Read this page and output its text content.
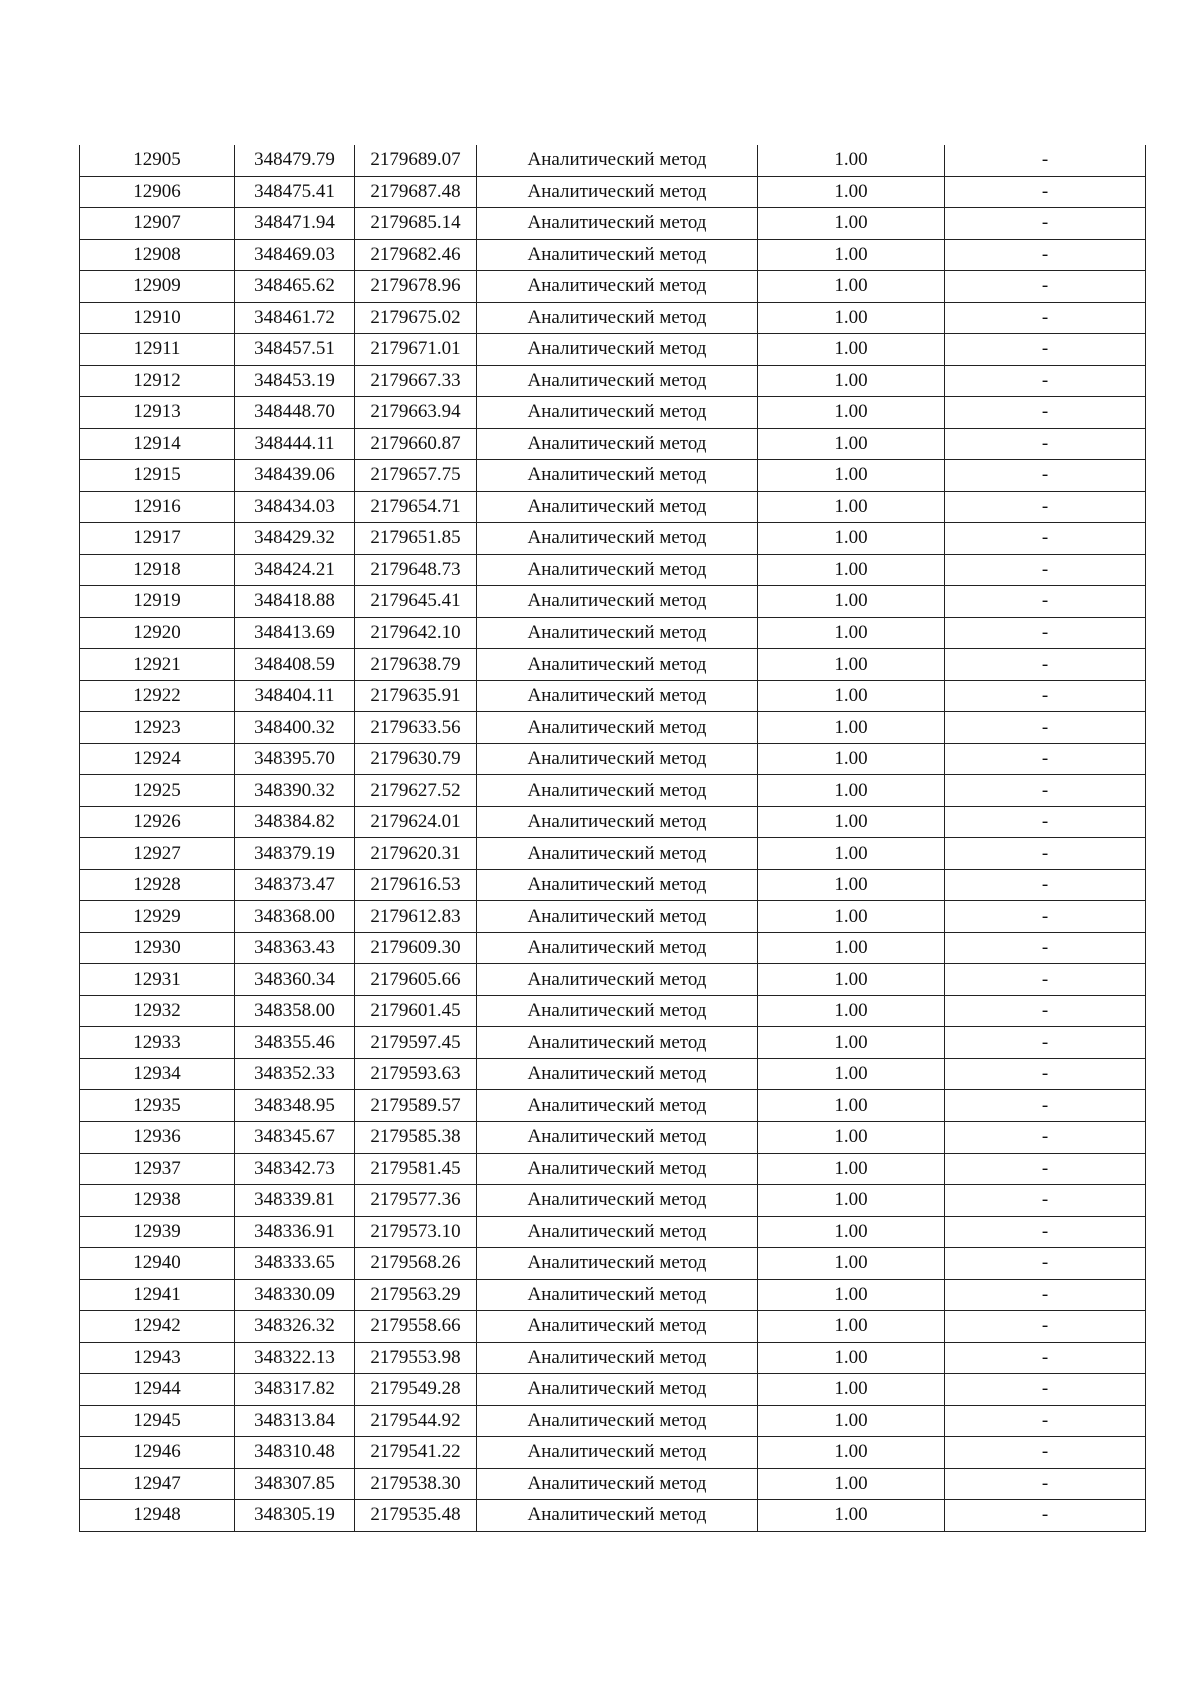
12905	348479.79	2179689.07	Аналитический метод	1.00	-
12906	348475.41	2179687.48	Аналитический метод	1.00	-
12907	348471.94	2179685.14	Аналитический метод	1.00	-
12908	348469.03	2179682.46	Аналитический метод	1.00	-
12909	348465.62	2179678.96	Аналитический метод	1.00	-
12910	348461.72	2179675.02	Аналитический метод	1.00	-
12911	348457.51	2179671.01	Аналитический метод	1.00	-
12912	348453.19	2179667.33	Аналитический метод	1.00	-
12913	348448.70	2179663.94	Аналитический метод	1.00	-
12914	348444.11	2179660.87	Аналитический метод	1.00	-
12915	348439.06	2179657.75	Аналитический метод	1.00	-
12916	348434.03	2179654.71	Аналитический метод	1.00	-
12917	348429.32	2179651.85	Аналитический метод	1.00	-
12918	348424.21	2179648.73	Аналитический метод	1.00	-
12919	348418.88	2179645.41	Аналитический метод	1.00	-
12920	348413.69	2179642.10	Аналитический метод	1.00	-
12921	348408.59	2179638.79	Аналитический метод	1.00	-
12922	348404.11	2179635.91	Аналитический метод	1.00	-
12923	348400.32	2179633.56	Аналитический метод	1.00	-
12924	348395.70	2179630.79	Аналитический метод	1.00	-
12925	348390.32	2179627.52	Аналитический метод	1.00	-
12926	348384.82	2179624.01	Аналитический метод	1.00	-
12927	348379.19	2179620.31	Аналитический метод	1.00	-
12928	348373.47	2179616.53	Аналитический метод	1.00	-
12929	348368.00	2179612.83	Аналитический метод	1.00	-
12930	348363.43	2179609.30	Аналитический метод	1.00	-
12931	348360.34	2179605.66	Аналитический метод	1.00	-
12932	348358.00	2179601.45	Аналитический метод	1.00	-
12933	348355.46	2179597.45	Аналитический метод	1.00	-
12934	348352.33	2179593.63	Аналитический метод	1.00	-
12935	348348.95	2179589.57	Аналитический метод	1.00	-
12936	348345.67	2179585.38	Аналитический метод	1.00	-
12937	348342.73	2179581.45	Аналитический метод	1.00	-
12938	348339.81	2179577.36	Аналитический метод	1.00	-
12939	348336.91	2179573.10	Аналитический метод	1.00	-
12940	348333.65	2179568.26	Аналитический метод	1.00	-
12941	348330.09	2179563.29	Аналитический метод	1.00	-
12942	348326.32	2179558.66	Аналитический метод	1.00	-
12943	348322.13	2179553.98	Аналитический метод	1.00	-
12944	348317.82	2179549.28	Аналитический метод	1.00	-
12945	348313.84	2179544.92	Аналитический метод	1.00	-
12946	348310.48	2179541.22	Аналитический метод	1.00	-
12947	348307.85	2179538.30	Аналитический метод	1.00	-
12948	348305.19	2179535.48	Аналитический метод	1.00	-
